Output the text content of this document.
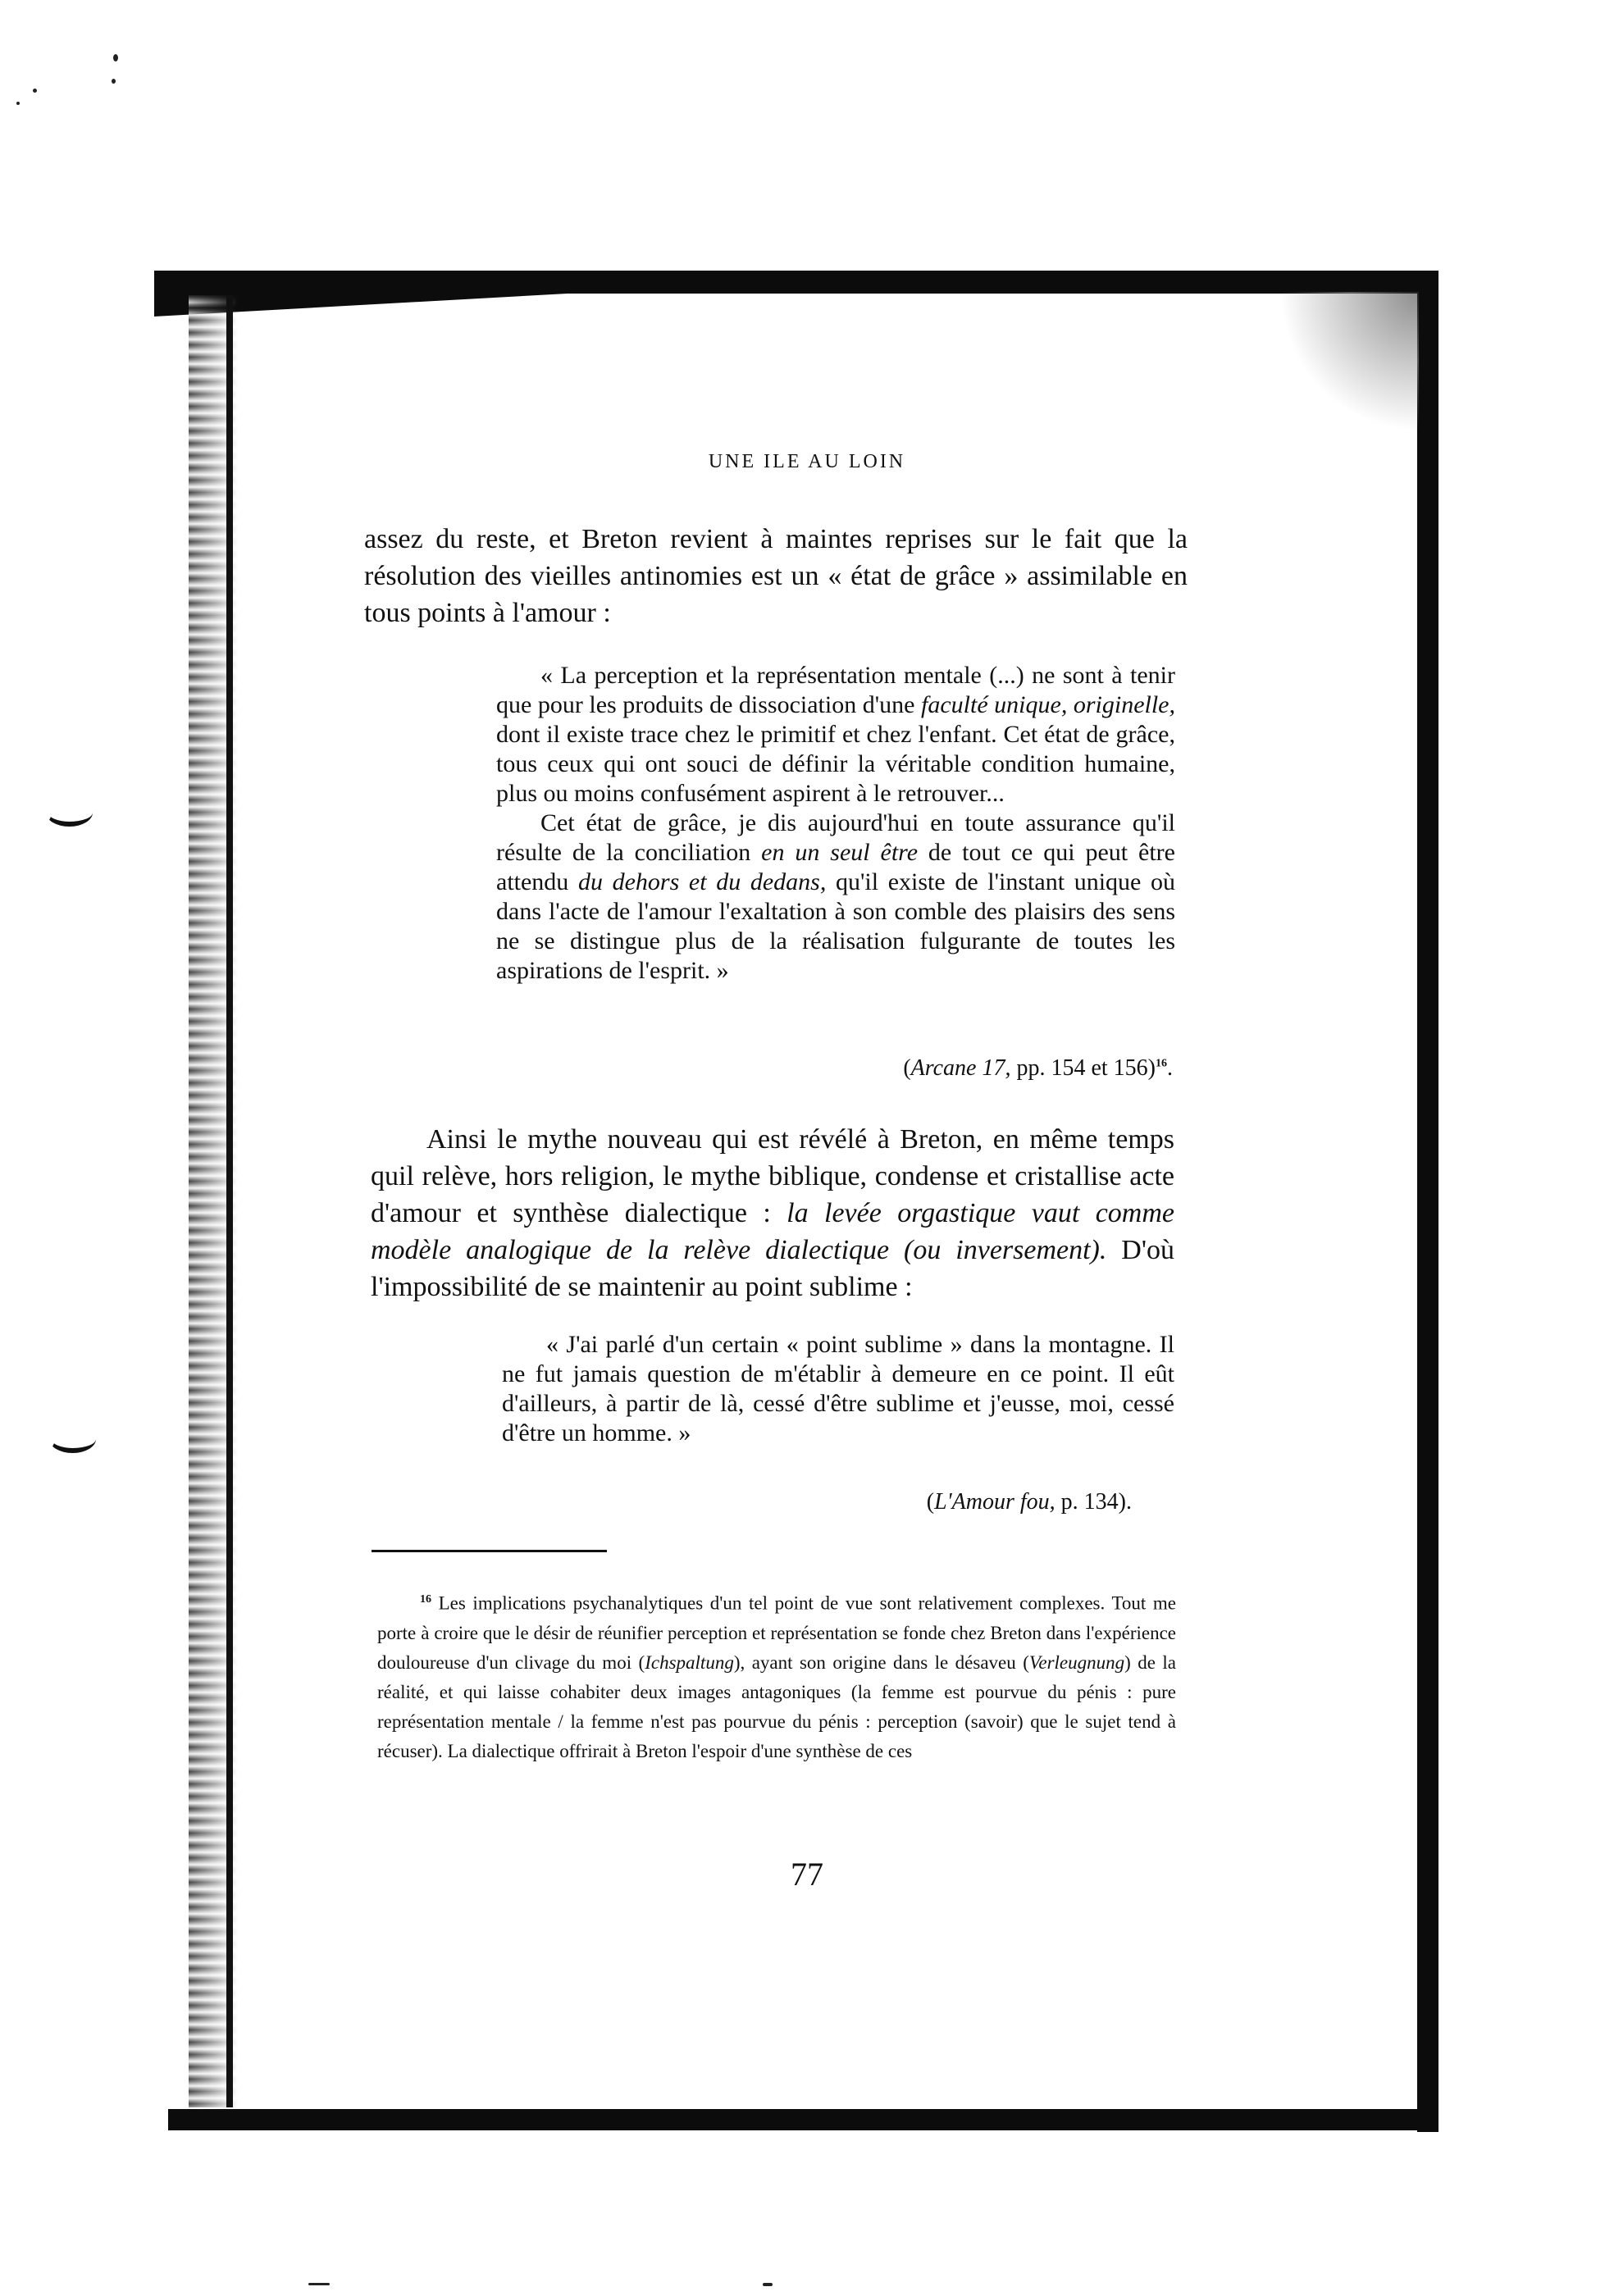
UNE ILE AU LOIN

assez du reste, et Breton revient à maintes reprises sur le fait que la résolution des vieilles antinomies est un « état de grâce » assimilable en tous points à l'amour :

« La perception et la représentation mentale (...) ne sont à tenir que pour les produits de dissociation d'une faculté unique, originelle, dont il existe trace chez le primitif et chez l'enfant. Cet état de grâce, tous ceux qui ont souci de définir la véritable condition humaine, plus ou moins confusément aspirent à le retrouver...

Cet état de grâce, je dis aujourd'hui en toute assurance qu'il résulte de la conciliation en un seul être de tout ce qui peut être attendu du dehors et du dedans, qu'il existe de l'instant unique où dans l'acte de l'amour l'exaltation à son comble des plaisirs des sens ne se distingue plus de la réalisation fulgurante de toutes les aspirations de l'esprit. »

(Arcane 17, pp. 154 et 156)$^{16}$.

Ainsi le mythe nouveau qui est révélé à Breton, en même temps quil relève, hors religion, le mythe biblique, condense et cristallise acte d'amour et synthèse dialectique : la levée orgastique vaut comme modèle analogique de la relève dialectique (ou inversement). D'où l'impossibilité de se maintenir au point sublime :

« J'ai parlé d'un certain « point sublime » dans la montagne. Il ne fut jamais question de m'établir à demeure en ce point. Il eût d'ailleurs, à partir de là, cessé d'être sublime et j'eusse, moi, cessé d'être un homme. »

(L'Amour fou, p. 134).

$^{16}$ Les implications psychanalytiques d'un tel point de vue sont relativement complexes. Tout me porte à croire que le désir de réunifier perception et représentation se fonde chez Breton dans l'expérience douloureuse d'un clivage du moi (Ichspaltung), ayant son origine dans le désaveu (Verleugnung) de la réalité, et qui laisse cohabiter deux images antagoniques (la femme est pourvue du pénis : pure représentation mentale / la femme n'est pas pourvue du pénis : perception (savoir) que le sujet tend à récuser). La dialectique offrirait à Breton l'espoir d'une synthèse de ces

77
